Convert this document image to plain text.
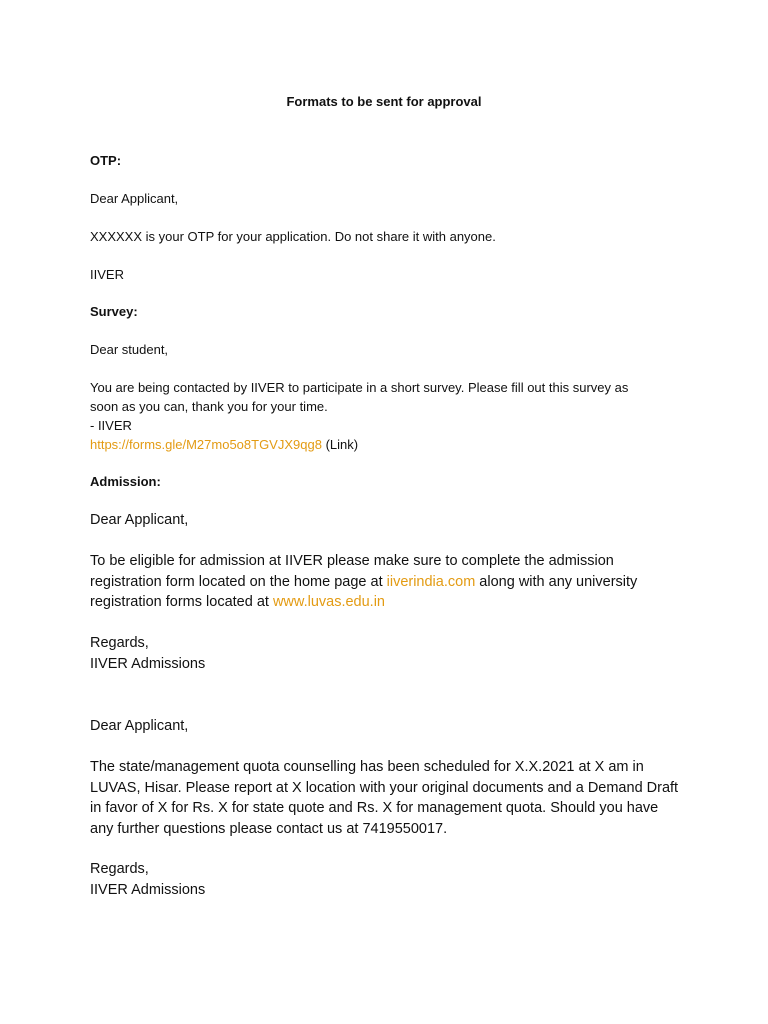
Formats to be sent for approval

OTP:

Dear Applicant,

XXXXXX is your OTP for your application. Do not share it with anyone.

IIVER

Survey:

Dear student,

You are being contacted by IIVER to participate in a short survey. Please fill out this survey as
soon as you can, thank you for your time.
- IIVER
https://forms.gle/M27mo5o8TGVJX9qg8 (Link)

Admission:

Dear Applicant,

To be eligible for admission at IIVER please make sure to complete the admission registration form located on the home page at iiverindia.com along with any university registration forms located at www.luvas.edu.in

Regards,
IIVER Admissions

Dear Applicant,

The state/management quota counselling has been scheduled for X.X.2021 at X am in LUVAS, Hisar. Please report at X location with your original documents and a Demand Draft in favor of X for Rs. X for state quote and Rs. X for management quota. Should you have any further questions please contact us at 7419550017.

Regards,
IIVER Admissions
